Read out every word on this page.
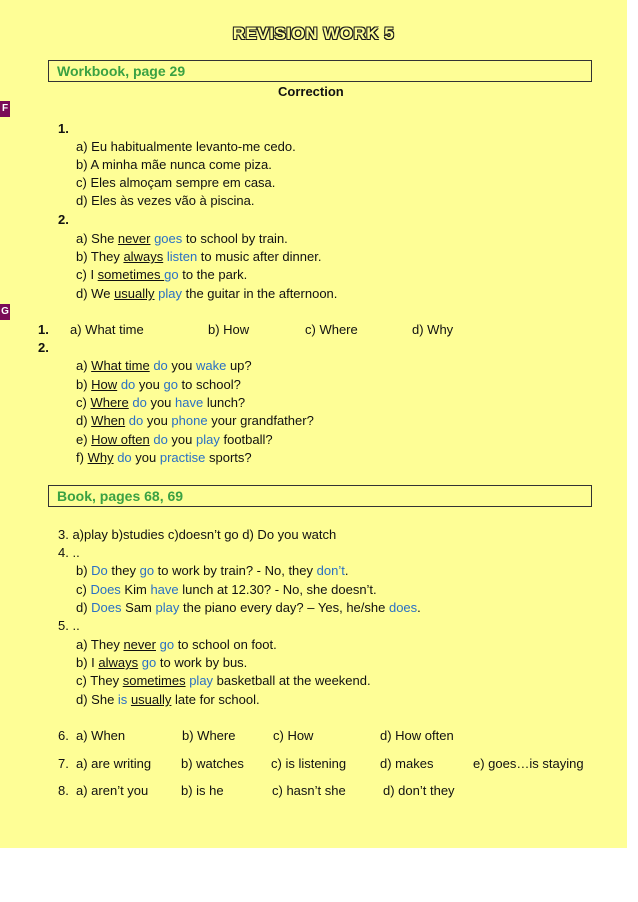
REVISION WORK 5
Workbook, page 29
Correction
F
1.
a) Eu habitualmente levanto-me cedo.
b) A minha mãe nunca come piza.
c) Eles almoçam sempre em casa.
d) Eles às vezes vão à piscina.
2.
a) She never goes to school by train.
b) They always listen to music after dinner.
c) I sometimes go to the park.
d) We usually play the guitar in the afternoon.
G
1. a) What time	b) How	c) Where	d) Why
2.
a) What time do you wake up?
b) How do you go to school?
c) Where do you have lunch?
d) When do you phone your grandfather?
e) How often do you play football?
f) Why do you practise sports?
Book, pages 68, 69
3. a)play b)studies c)doesn’t go d) Do you watch
4. ..
b) Do they go to work by train? - No, they don’t.
c) Does Kim have lunch at 12.30? - No, she doesn’t.
d) Does Sam play the piano every day? – Yes, he/she does.
5. ..
a) They never go to school on foot.
b) I always go to work by bus.
c) They sometimes play basketball at the weekend.
d) She is usually late for school.
6. a) When	b) Where	c) How	d) How often
7. a) are writing b) watches c) is listening	d) makes	e) goes…is staying
8. a) aren’t you	b) is he	c) hasn’t she	d) don’t they
